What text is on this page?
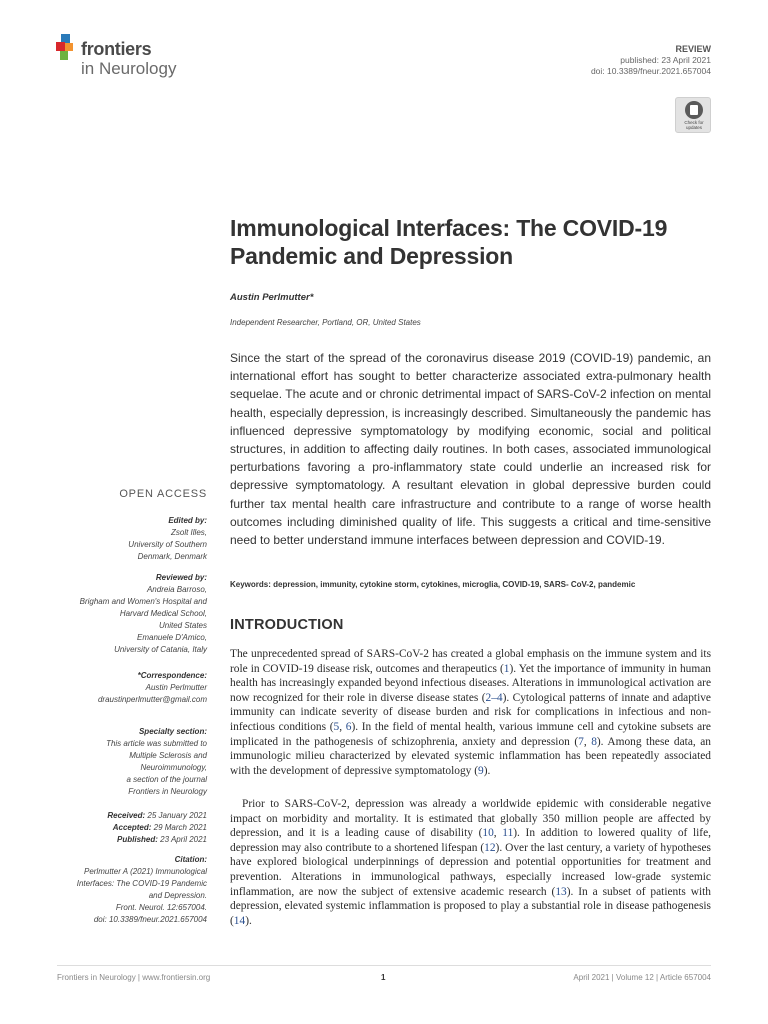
frontiers
in Neurology
REVIEW
published: 23 April 2021
doi: 10.3389/fneur.2021.657004
Check for updates
Immunological Interfaces: The COVID-19 Pandemic and Depression
Austin Perlmutter*
Independent Researcher, Portland, OR, United States

Since the start of the spread of the coronavirus disease 2019 (COVID-19) pandemic, an international effort has sought to better characterize associated extra-pulmonary health sequelae. The acute and or chronic detrimental impact of SARS-CoV-2 infection on mental health, especially depression, is increasingly described. Simultaneously the pandemic has influenced depressive symptomatology by modifying economic, social and political structures, in addition to affecting daily routines. In both cases, associated immunological perturbations favoring a pro-inflammatory state could underlie an increased risk for depressive symptomatology. A resultant elevation in global depressive burden could further tax mental health care infrastructure and contribute to a range of worse health outcomes including diminished quality of life. This suggests a critical and time-sensitive need to better understand immune interfaces between depression and COVID-19.

Keywords: depression, immunity, cytokine storm, cytokines, microglia, COVID-19, SARS- CoV-2, pandemic

INTRODUCTION

The unprecedented spread of SARS-CoV-2 has created a global emphasis on the immune system and its role in COVID-19 disease risk, outcomes and therapeutics (1). Yet the importance of immunity in human health has increasingly expanded beyond infectious diseases. Alterations in immunological activation are now recognized for their role in diverse disease states (2–4). Cytological patterns of innate and adaptive immunity can indicate severity of disease burden and risk for complications in infectious and non-infectious conditions (5, 6). In the field of mental health, various immune cell and cytokine subsets are implicated in the pathogenesis of schizophrenia, anxiety and depression (7, 8). Among these data, an immunologic milieu characterized by elevated systemic inflammation has been repeatedly associated with the development of depressive symptomatology (9).

Prior to SARS-CoV-2, depression was already a worldwide epidemic with considerable negative impact on morbidity and mortality. It is estimated that globally 350 million people are affected by depression, and it is a leading cause of disability (10, 11). In addition to lowered quality of life, depression may also contribute to a shortened lifespan (12). Over the last century, a variety of hypotheses have explored biological underpinnings of depression and potential opportunities for treatment and prevention. Alterations in immunological pathways, especially increased low-grade systemic inflammation, are now the subject of extensive academic research (13). In a subset of patients with depression, elevated systemic inflammation is proposed to play a substantial role in disease pathogenesis (14).

OPEN ACCESS
Edited by:
Zsolt Illes,
University of Southern
Denmark, Denmark
Reviewed by:
Andreia Barroso,
Brigham and Women's Hospital and
Harvard Medical School,
United States
Emanuele D'Amico,
University of Catania, Italy
*Correspondence:
Austin Perlmutter
draustinperlmutter@gmail.com
Specialty section:
This article was submitted to
Multiple Sclerosis and
Neuroimmunology,
a section of the journal
Frontiers in Neurology
Received: 25 January 2021
Accepted: 29 March 2021
Published: 23 April 2021
Citation:
Perlmutter A (2021) Immunological
Interfaces: The COVID-19 Pandemic
and Depression.
Front. Neurol. 12:657004.
doi: 10.3389/fneur.2021.657004
Frontiers in Neurology | www.frontiersin.org	1	April 2021 | Volume 12 | Article 657004
